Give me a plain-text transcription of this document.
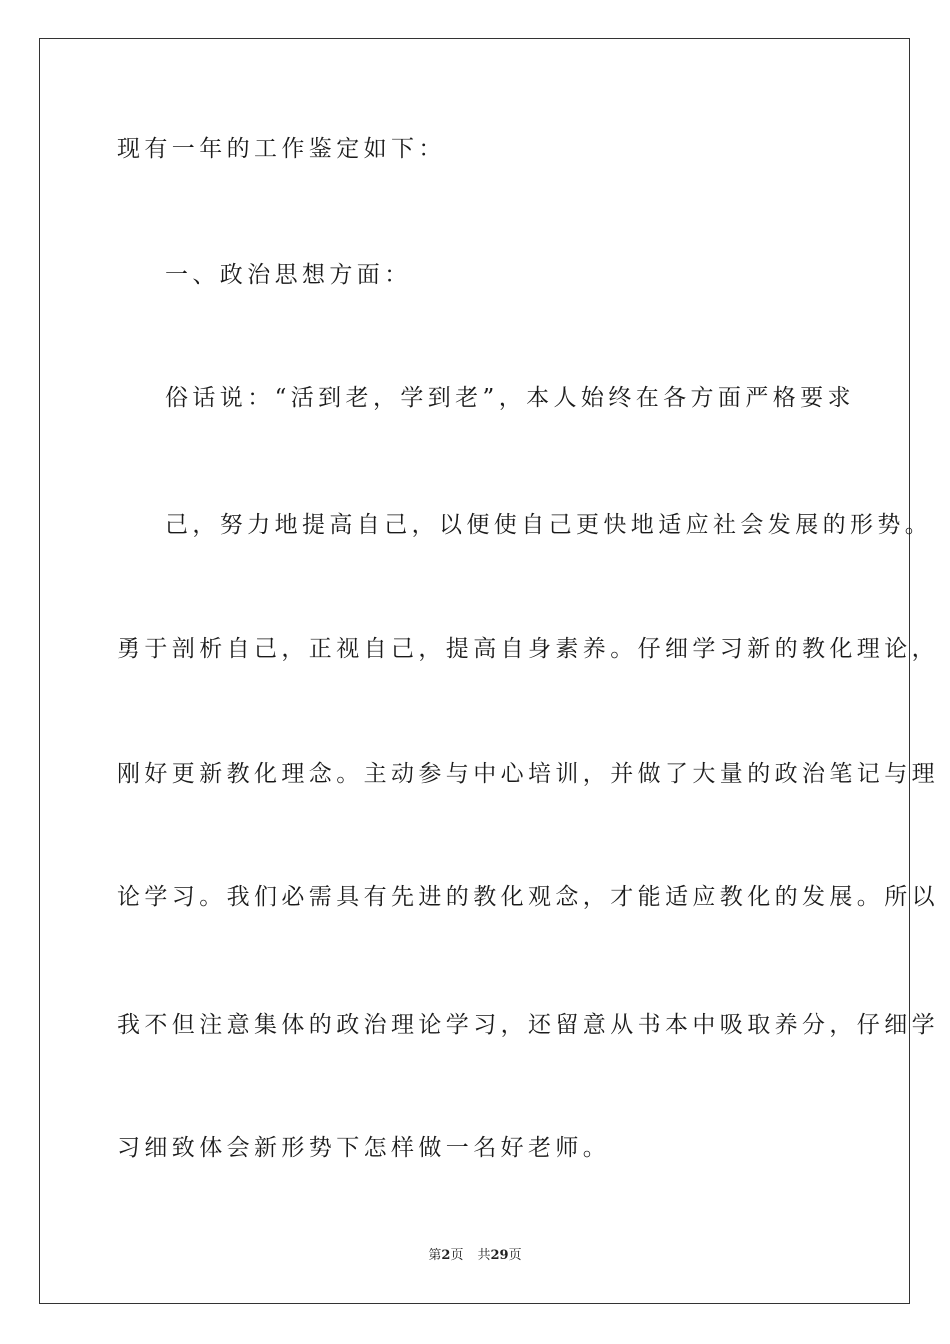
现有一年的工作鉴定如下：
一、政治思想方面：
俗话说：“活到老，学到老”，本人始终在各方面严格要求
己，努力地提高自己，以便使自己更快地适应社会发展的形势。
勇于剖析自己，正视自己，提高自身素养。仔细学习新的教化理论，
刚好更新教化理念。主动参与中心培训，并做了大量的政治笔记与理
论学习。我们必需具有先进的教化观念，才能适应教化的发展。所以
我不但注意集体的政治理论学习，还留意从书本中吸取养分，仔细学
习细致体会新形势下怎样做一名好老师。
第2页 共29页
